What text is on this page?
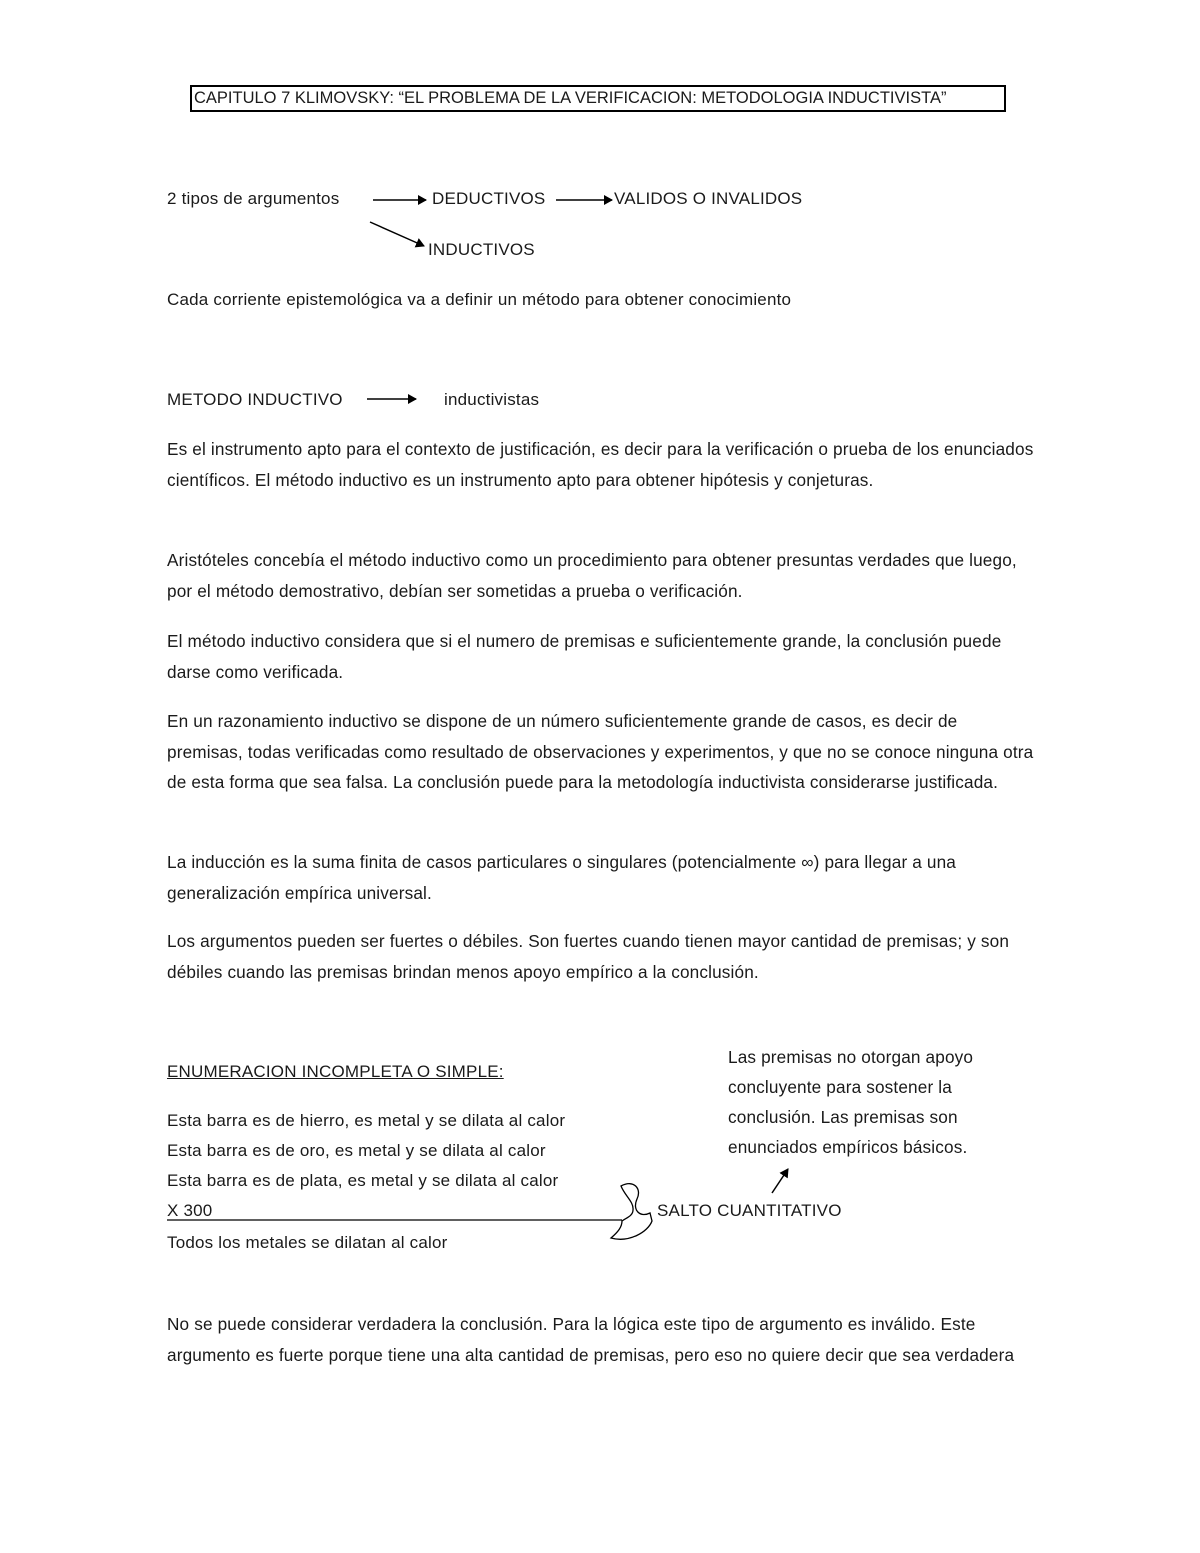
CAPITULO 7 KLIMOVSKY: “EL PROBLEMA DE LA VERIFICACION: METODOLOGIA INDUCTIVISTA”
2 tipos de argumentos	DEDUCTIVOS	VALIDOS O INVALIDOS
INDUCTIVOS
Cada corriente epistemológica va a definir un método para obtener conocimiento
METODO INDUCTIVO	inductivistas
Es el instrumento apto para el contexto de justificación, es decir para la verificación o prueba de los enunciados científicos. El método inductivo es un instrumento apto para obtener hipótesis y conjeturas.
Aristóteles concebía el método inductivo como un procedimiento para obtener presuntas verdades que luego, por el método demostrativo, debían ser sometidas a prueba o verificación.
El método inductivo considera que si el numero de premisas e suficientemente grande, la conclusión puede darse como verificada.
En un razonamiento inductivo se dispone de un número suficientemente grande de casos, es decir de premisas, todas verificadas como resultado de observaciones y experimentos, y que no se conoce ninguna otra de esta forma que sea falsa. La conclusión puede para la metodología inductivista considerarse justificada.
La inducción es la suma finita de casos particulares o singulares (potencialmente ∞) para llegar a una generalización empírica universal.
Los argumentos pueden ser fuertes o débiles. Son fuertes cuando tienen mayor cantidad de premisas; y son débiles cuando las premisas brindan menos apoyo empírico a la conclusión.
ENUMERACION INCOMPLETA O SIMPLE:
Esta barra es de hierro, es metal y se dilata al calor
Esta barra es de oro, es metal y se dilata al calor
Esta barra es de plata, es metal y se dilata al calor
X 300
Todos los metales se dilatan al calor
SALTO CUANTITATIVO
Las premisas no otorgan apoyo concluyente para sostener la conclusión. Las premisas son enunciados empíricos básicos.
No se puede considerar verdadera la conclusión. Para la lógica este tipo de argumento es inválido. Este argumento es fuerte porque tiene una alta cantidad de premisas, pero eso no quiere decir que sea verdadera
